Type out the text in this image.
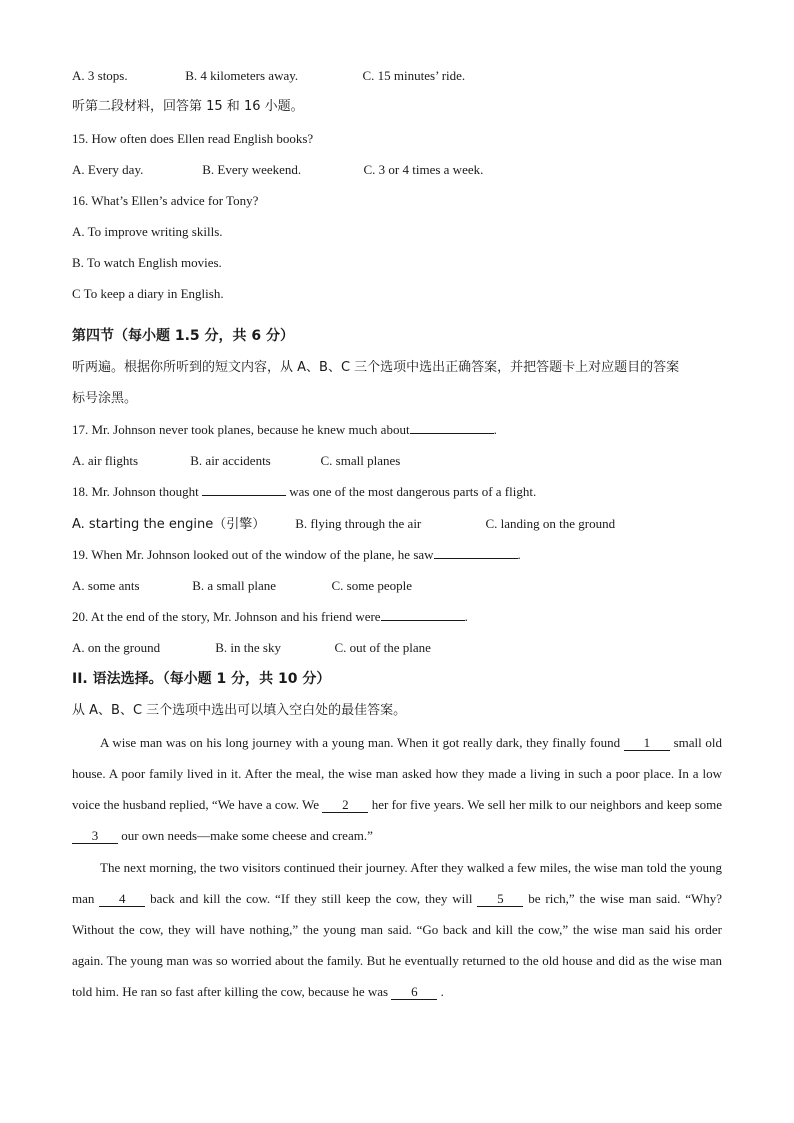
A. 3 stops.	B. 4 kilometers away.	C. 15 minutes’ ride.
听第二段材料，回答第 15 和 16 小题。
15. How often does Ellen read English books?
A. Every day.	B. Every weekend.	C. 3 or 4 times a week.
16. What’s Ellen’s advice for Tony?
A. To improve writing skills.
B. To watch English movies.
C To keep a diary in English.
第四节（每小题 1.5 分，共 6 分）
听两遍。根据你所听到的短文内容，从 A、B、C 三个选项中选出正确答案，并把答题卡上对应题目的答案
标号涂黑。
17. Mr. Johnson never took planes, because he knew much about	.
A. air flights	B. air accidents	C. small planes
18. Mr. Johnson thought	was one of the most dangerous parts of a flight.
A. starting the engine（引擎） B. flying through the air	C. landing on the ground
19. When Mr. Johnson looked out of the window of the plane, he saw	.
A. some ants	B. a small plane	C. some people
20. At the end of the story, Mr. Johnson and his friend were	.
A. on the ground	B. in the sky	C. out of the plane
II. 语法选择。（每小题 1 分，共 10 分）
从 A、B、C 三个选项中选出可以填入空白处的最佳答案。
A wise man was on his long journey with a young man. When it got really dark, they finally found 1 small old house. A poor family lived in it. After the meal, the wise man asked how they made a living in such a poor place. In a low voice the husband replied, “We have a cow. We 2 her for five years. We sell her milk to our neighbors and keep some 3 our own needs—make some cheese and cream.”
The next morning, the two visitors continued their journey. After they walked a few miles, the wise man told the young man 4 back and kill the cow. “If they still keep the cow, they will 5 be rich,” the wise man said. “Why? Without the cow, they will have nothing,” the young man said. “Go back and kill the cow,” the wise man said his order again. The young man was so worried about the family. But he eventually returned to the old house and did as the wise man told him. He ran so fast after killing the cow, because he was 6 .
